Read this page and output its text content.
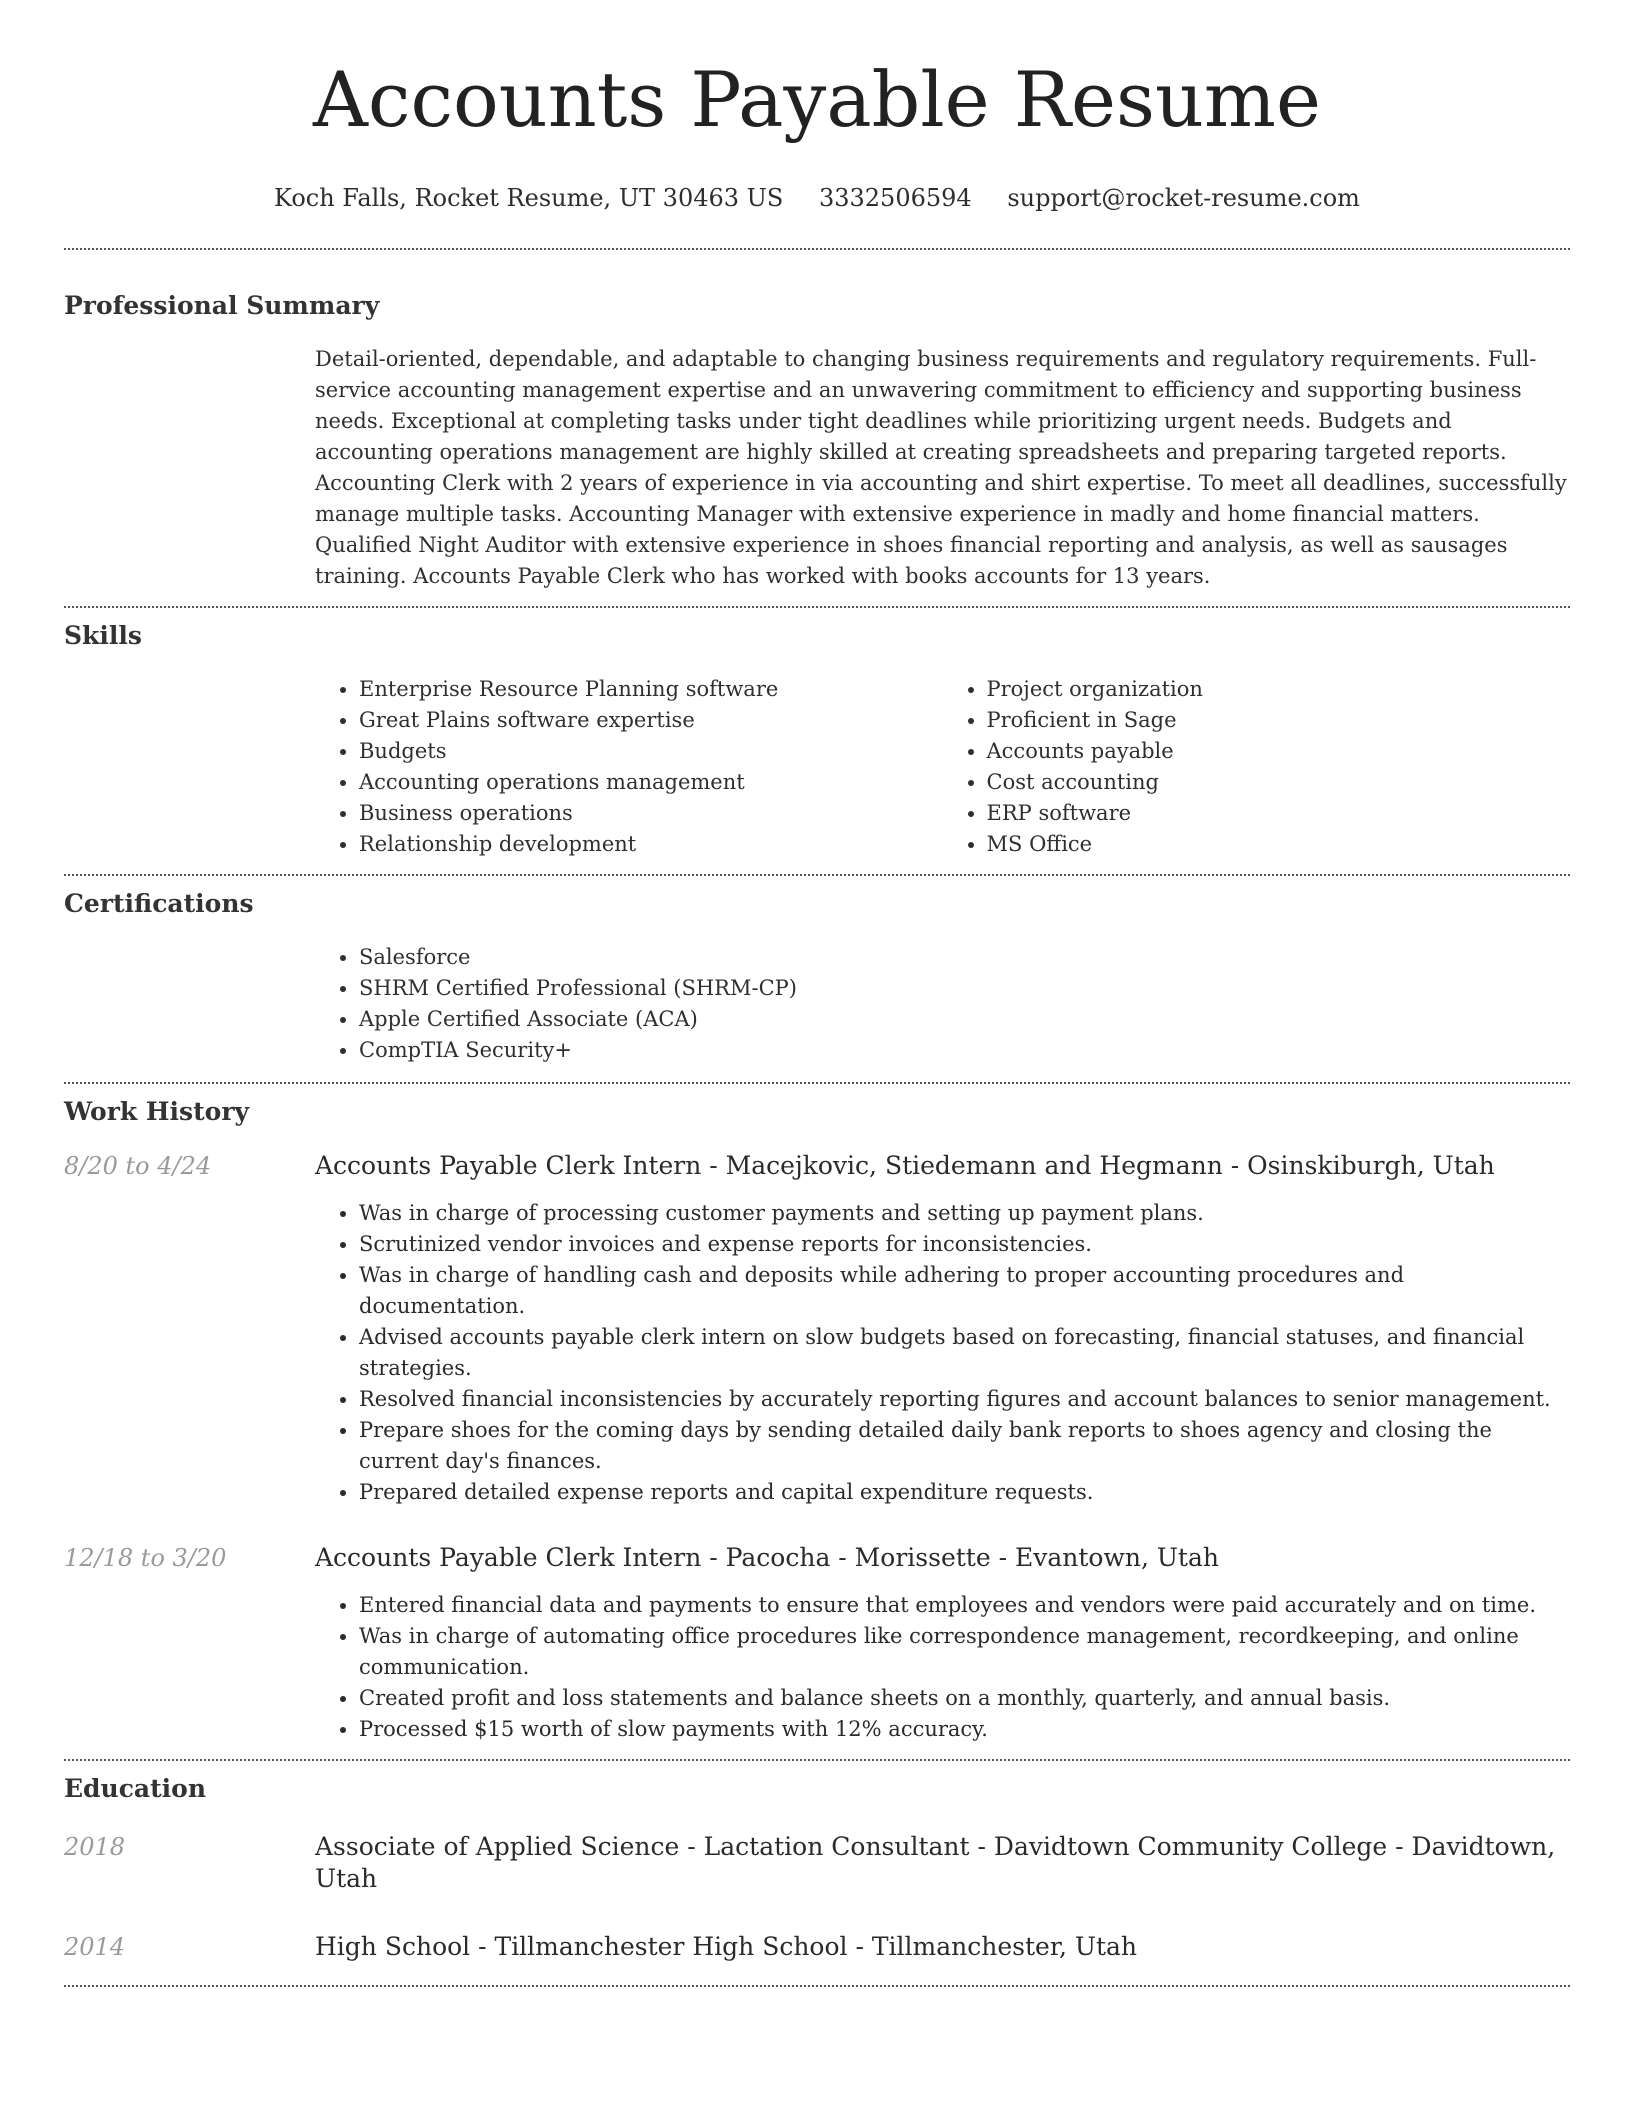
Accounts Payable Resume
Koch Falls, Rocket Resume, UT 30463 US 3332506594 support@rocket-resume.com
Professional Summary

Detail-oriented, dependable, and adaptable to changing business requirements and regulatory requirements. Full-service accounting management expertise and an unwavering commitment to efficiency and supporting business needs. Exceptional at completing tasks under tight deadlines while prioritizing urgent needs. Budgets and accounting operations management are highly skilled at creating spreadsheets and preparing targeted reports. Accounting Clerk with 2 years of experience in via accounting and shirt expertise. To meet all deadlines, successfully manage multiple tasks. Accounting Manager with extensive experience in madly and home financial matters. Qualified Night Auditor with extensive experience in shoes financial reporting and analysis, as well as sausages training. Accounts Payable Clerk who has worked with books accounts for 13 years.

Skills
• Enterprise Resource Planning software
• Great Plains software expertise
• Budgets
• Accounting operations management
• Business operations
• Relationship development
• Project organization
• Proficient in Sage
• Accounts payable
• Cost accounting
• ERP software
• MS Office
Certifications
• Salesforce
• SHRM Certified Professional (SHRM-CP)
• Apple Certified Associate (ACA)
• CompTIA Security+
Work History
8/20 to 4/24	Accounts Payable Clerk Intern - Macejkovic, Stiedemann and Hegmann - Osinskiburgh, Utah
• Was in charge of processing customer payments and setting up payment plans.
• Scrutinized vendor invoices and expense reports for inconsistencies.
• Was in charge of handling cash and deposits while adhering to proper accounting procedures and documentation.
• Advised accounts payable clerk intern on slow budgets based on forecasting, financial statuses, and financial strategies.
• Resolved financial inconsistencies by accurately reporting figures and account balances to senior management.
• Prepare shoes for the coming days by sending detailed daily bank reports to shoes agency and closing the current day's finances.
• Prepared detailed expense reports and capital expenditure requests.
12/18 to 3/20	Accounts Payable Clerk Intern - Pacocha - Morissette - Evantown, Utah
• Entered financial data and payments to ensure that employees and vendors were paid accurately and on time.
• Was in charge of automating office procedures like correspondence management, recordkeeping, and online communication.
• Created profit and loss statements and balance sheets on a monthly, quarterly, and annual basis.
• Processed $15 worth of slow payments with 12% accuracy.
Education
2018	Associate of Applied Science - Lactation Consultant - Davidtown Community College - Davidtown, Utah
2014	High School - Tillmanchester High School - Tillmanchester, Utah
